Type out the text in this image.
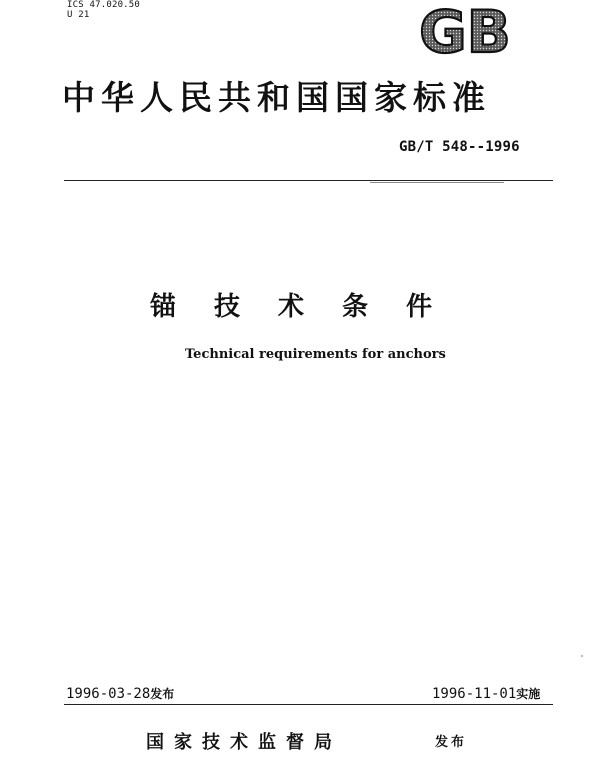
ICS 47.020.50
U 21	GB
中华人民共和国国家标准
GB/T 548--1996
锚技术条件
Technical requirements for anchors
1996-03-28发布	1996-11-01实施
国家技术监督局	发布
